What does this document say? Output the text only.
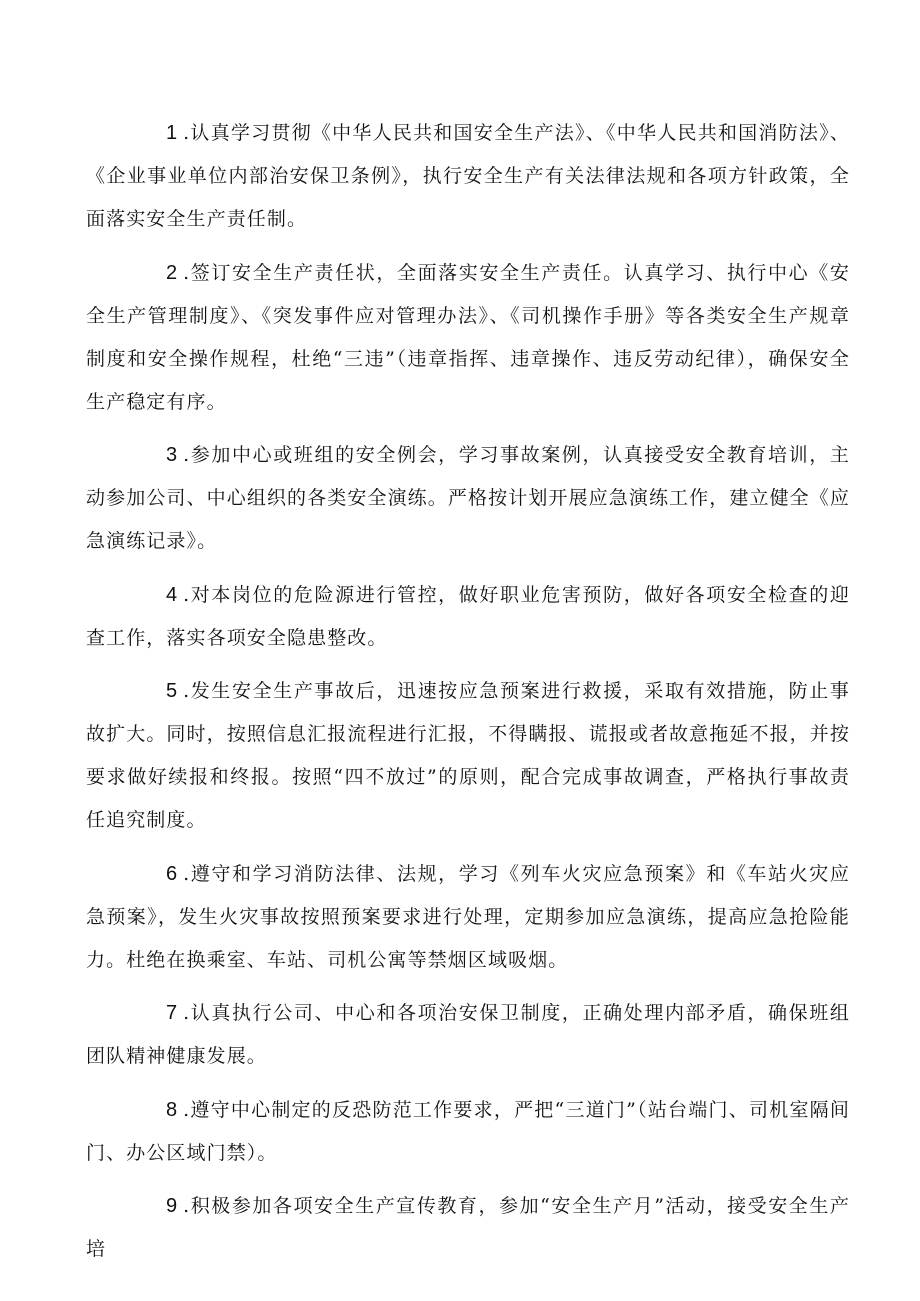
1 .认真学习贯彻《中华人民共和国安全生产法》、《中华人民共和国消防法》、《企业事业单位内部治安保卫条例》，执行安全生产有关法律法规和各项方针政策，全面落实安全生产责任制。

2 .签订安全生产责任状，全面落实安全生产责任。认真学习、执行中心《安全生产管理制度》、《突发事件应对管理办法》、《司机操作手册》等各类安全生产规章制度和安全操作规程，杜绝“三违”（违章指挥、违章操作、违反劳动纪律），确保安全生产稳定有序。

3 .参加中心或班组的安全例会，学习事故案例，认真接受安全教育培训，主动参加公司、中心组织的各类安全演练。严格按计划开展应急演练工作，建立健全《应急演练记录》。

4 .对本岗位的危险源进行管控，做好职业危害预防，做好各项安全检查的迎查工作，落实各项安全隐患整改。

5 .发生安全生产事故后，迅速按应急预案进行救援，采取有效措施，防止事故扩大。同时，按照信息汇报流程进行汇报，不得瞒报、谎报或者故意拖延不报，并按要求做好续报和终报。按照“四不放过”的原则，配合完成事故调查，严格执行事故责任追究制度。

6 .遵守和学习消防法律、法规，学习《列车火灾应急预案》和《车站火灾应急预案》，发生火灾事故按照预案要求进行处理，定期参加应急演练，提高应急抢险能力。杜绝在换乘室、车站、司机公寓等禁烟区域吸烟。

7 .认真执行公司、中心和各项治安保卫制度，正确处理内部矛盾，确保班组团队精神健康发展。

8 .遵守中心制定的反恐防范工作要求，严把“三道门”（站台端门、司机室隔间门、办公区域门禁）。

9 .积极参加各项安全生产宣传教育，参加“安全生产月”活动，接受安全生产培
